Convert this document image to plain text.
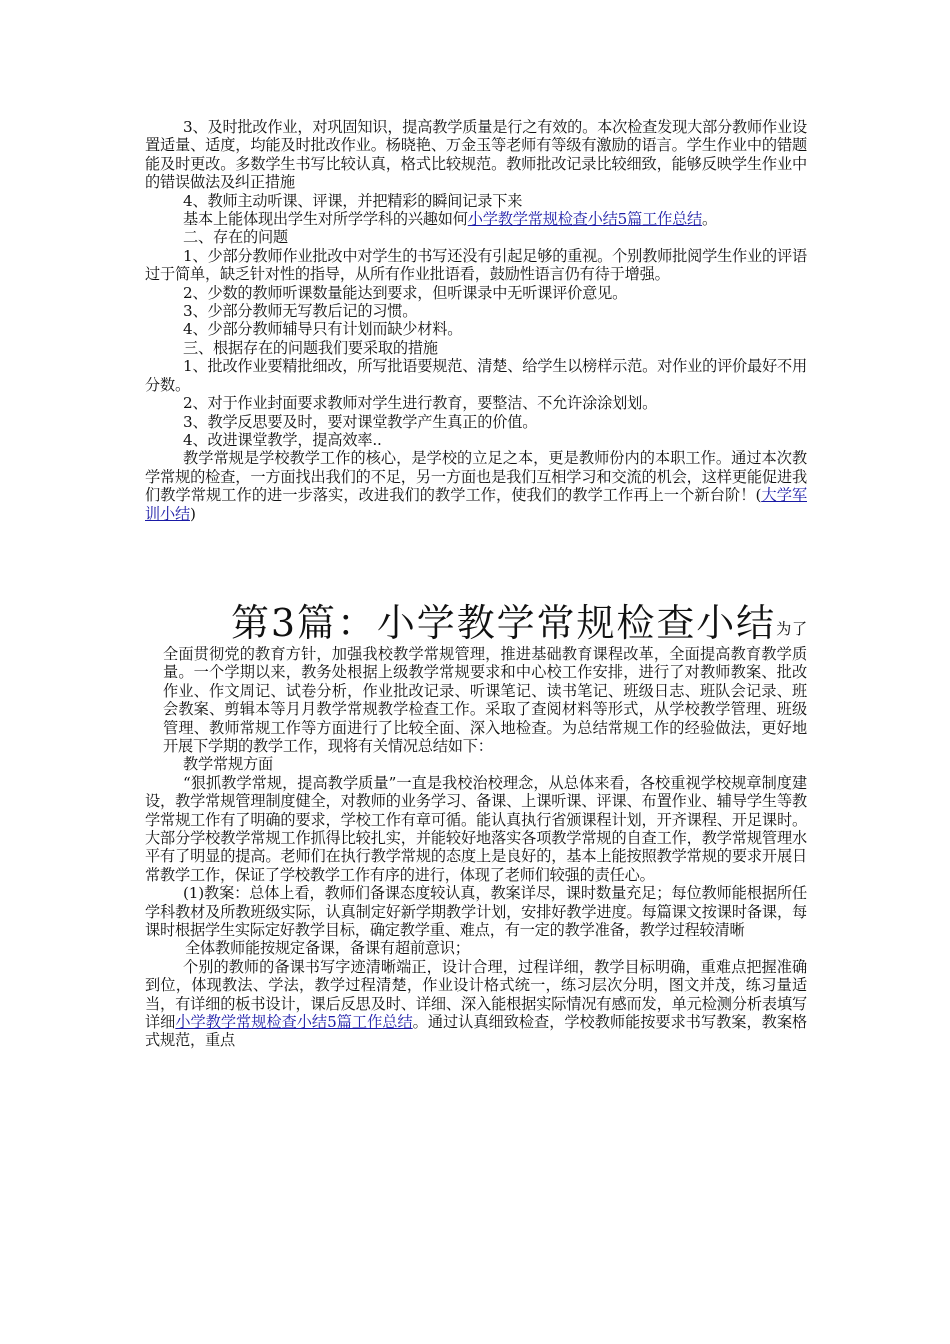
3、及时批改作业，对巩固知识，提高教学质量是行之有效的。本次检查发现大部分教师作业设置适量、适度，均能及时批改作业。杨晓艳、万金玉等老师有等级有激励的语言。学生作业中的错题能及时更改。多数学生书写比较认真，格式比较规范。教师批改记录比较细致，能够反映学生作业中的错误做法及纠正措施

4、教师主动听课、评课，并把精彩的瞬间记录下来

基本上能体现出学生对所学学科的兴趣如何小学教学常规检查小结5篇工作总结。

二、存在的问题

1、少部分教师作业批改中对学生的书写还没有引起足够的重视。个别教师批阅学生作业的评语过于简单，缺乏针对性的指导，从所有作业批语看，鼓励性语言仍有待于增强。

2、少数的教师听课数量能达到要求，但听课录中无听课评价意见。

3、少部分教师无写教后记的习惯。

4、少部分教师辅导只有计划而缺少材料。

三、根据存在的问题我们要采取的措施

1、批改作业要精批细改，所写批语要规范、清楚、给学生以榜样示范。对作业的评价最好不用分数。

2、对于作业封面要求教师对学生进行教育，要整洁、不允许涂涂划划。

3、教学反思要及时，要对课堂教学产生真正的价值。

4、改进课堂教学，提高效率..

教学常规是学校教学工作的核心，是学校的立足之本，更是教师份内的本职工作。通过本次教学常规的检查，一方面找出我们的不足，另一方面也是我们互相学习和交流的机会，这样更能促进我们教学常规工作的进一步落实，改进我们的教学工作，使我们的教学工作再上一个新台阶！(大学军训小结)

第3篇：小学教学常规检查小结为了全面贯彻党的教育方针，加强我校教学常规管理，推进基础教育课程改革，全面提高教育教学质量。一个学期以来，教务处根据上级教学常规要求和中心校工作安排，进行了对教师教案、批改作业、作文周记、试卷分析，作业批改记录、听课笔记、读书笔记、班级日志、班队会记录、班会教案、剪辑本等月月教学常规教学检查工作。采取了查阅材料等形式，从学校教学管理、班级管理、教师常规工作等方面进行了比较全面、深入地检查。为总结常规工作的经验做法，更好地开展下学期的教学工作，现将有关情况总结如下：

教学常规方面

“狠抓教学常规，提高教学质量”一直是我校治校理念，从总体来看，各校重视学校规章制度建设，教学常规管理制度健全，对教师的业务学习、备课、上课听课、评课、布置作业、辅导学生等教学常规工作有了明确的要求，学校工作有章可循。能认真执行省颁课程计划，开齐课程、开足课时。大部分学校教学常规工作抓得比较扎实，并能较好地落实各项教学常规的自查工作，教学常规管理水平有了明显的提高。老师们在执行教学常规的态度上是良好的，基本上能按照教学常规的要求开展日常教学工作，保证了学校教学工作有序的进行，体现了老师们较强的责任心。

(1)教案：总体上看，教师们备课态度较认真，教案详尽，课时数量充足；每位教师能根据所任学科教材及所教班级实际，认真制定好新学期教学计划，安排好教学进度。每篇课文按课时备课，每课时根据学生实际定好教学目标，确定教学重、难点，有一定的教学准备，教学过程较清晰

全体教师能按规定备课，备课有超前意识；

个别的教师的备课书写字迹清晰端正，设计合理，过程详细，教学目标明确，重难点把握准确到位，体现教法、学法，教学过程清楚，作业设计格式统一，练习层次分明，图文并茂，练习量适当，有详细的板书设计，课后反思及时、详细、深入能根据实际情况有感而发，单元检测分析表填写详细小学教学常规检查小结5篇工作总结。通过认真细致检查，学校教师能按要求书写教案，教案格式规范，重点
